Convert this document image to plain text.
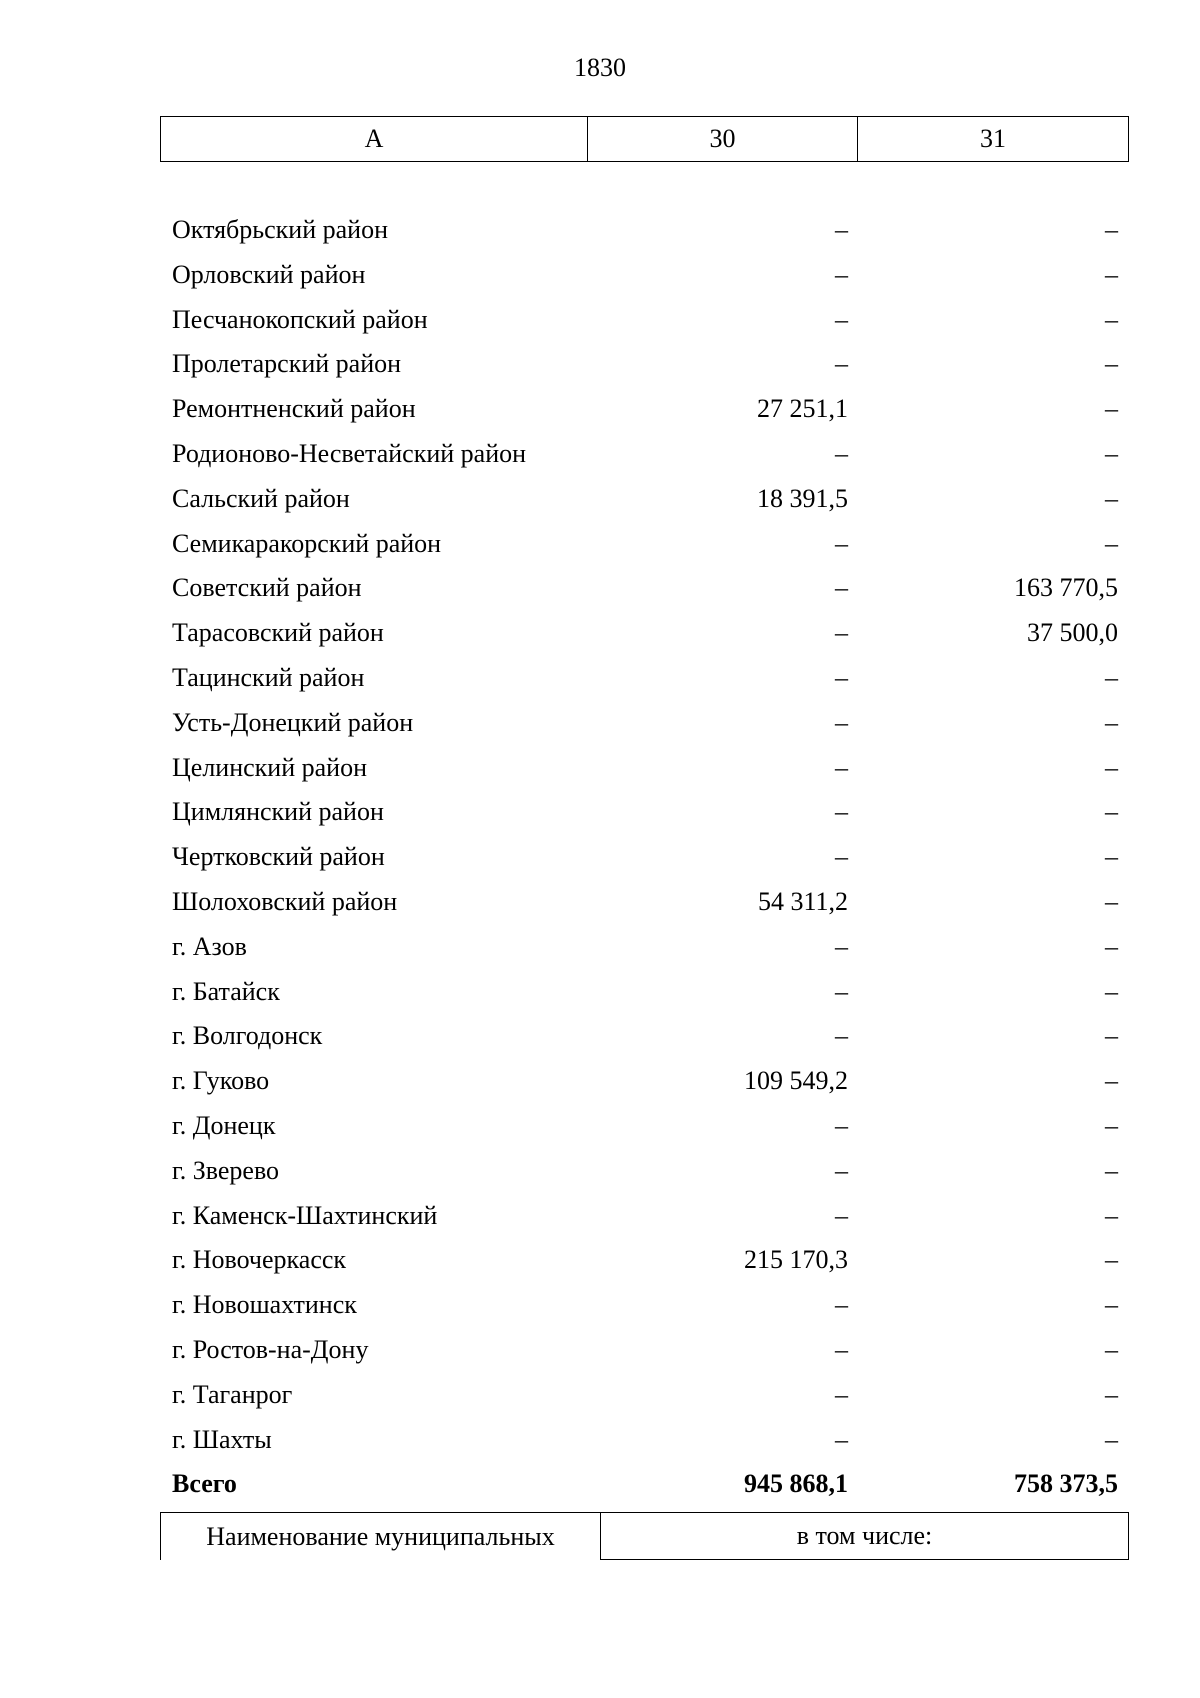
1830
А	30	31
Октябрьский район	–	–
Орловский район	–	–
Песчанокопский район	–	–
Пролетарский район	–	–
Ремонтненский район	27 251,1	–
Родионово-Несветайский район	–	–
Сальский район	18 391,5	–
Семикаракорский район	–	–
Советский район	–	163 770,5
Тарасовский район	–	37 500,0
Тацинский район	–	–
Усть-Донецкий район	–	–
Целинский район	–	–
Цимлянский район	–	–
Чертковский район	–	–
Шолоховский район	54 311,2	–
г. Азов	–	–
г. Батайск	–	–
г. Волгодонск	–	–
г. Гуково	109 549,2	–
г. Донецк	–	–
г. Зверево	–	–
г. Каменск-Шахтинский	–	–
г. Новочеркасск	215 170,3	–
г. Новошахтинск	–	–
г. Ростов-на-Дону	–	–
г. Таганрог	–	–
г. Шахты	–	–
Всего	945 868,1	758 373,5
Наименование муниципальных	в том числе:
